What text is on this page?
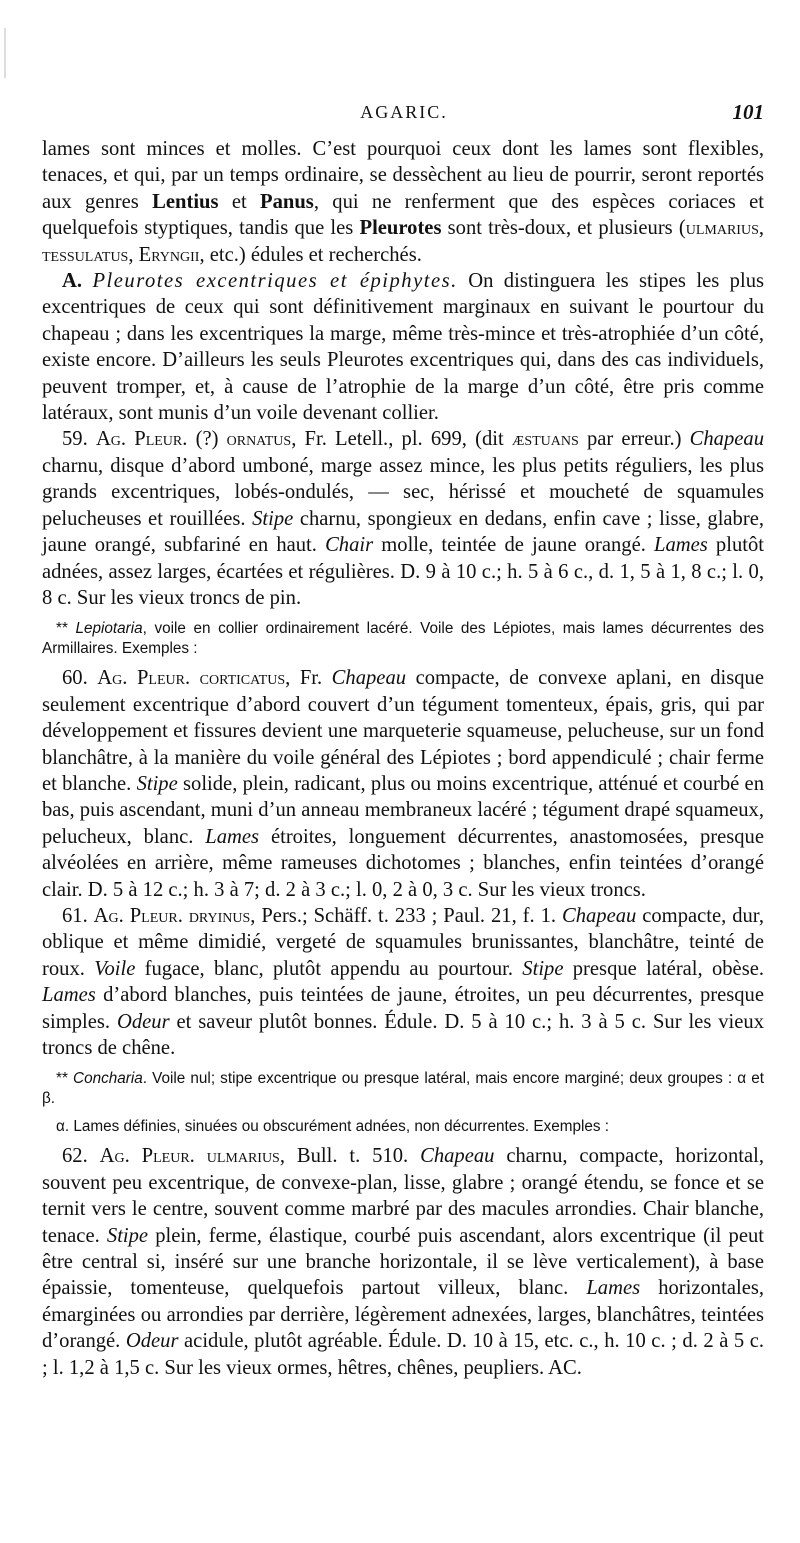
AGARIC.	101

lames sont minces et molles. C’est pourquoi ceux dont les lames sont flexibles, tenaces, et qui, par un temps ordinaire, se dessèchent au lieu de pourrir, seront reportés aux genres Lentius et Panus, qui ne renferment que des espèces coriaces et quelquefois styptiques, tandis que les Pleurotes sont très-doux, et plusieurs (ulmarius, tessulatus, Eryngii, etc.) édules et recherchés.

A. Pleurotes excentriques et épiphytes. On distinguera les stipes les plus excentriques de ceux qui sont définitivement marginaux en suivant le pourtour du chapeau ; dans les excentriques la marge, même très-mince et très-atrophiée d’un côté, existe encore. D’ailleurs les seuls Pleurotes excentriques qui, dans des cas individuels, peuvent tromper, et, à cause de l’atrophie de la marge d’un côté, être pris comme latéraux, sont munis d’un voile devenant collier.

59. Ag. Pleur. (?) ornatus, Fr. Letell., pl. 699, (dit æstuans par erreur.) Chapeau charnu, disque d’abord umboné, marge assez mince, les plus petits réguliers, les plus grands excentriques, lobés-ondulés, — sec, hérissé et moucheté de squamules pelucheuses et rouillées. Stipe charnu, spongieux en dedans, enfin cave ; lisse, glabre, jaune orangé, subfariné en haut. Chair molle, teintée de jaune orangé. Lames plutôt adnées, assez larges, écartées et régulières. D. 9 à 10 c.; h. 5 à 6 c., d. 1, 5 à 1, 8 c.; l. 0, 8 c. Sur les vieux troncs de pin.

** Lepiotaria, voile en collier ordinairement lacéré. Voile des Lépiotes, mais lames décurrentes des Armillaires. Exemples :

60. Ag. Pleur. corticatus, Fr. Chapeau compacte, de convexe aplani, en disque seulement excentrique d’abord couvert d’un tégument tomenteux, épais, gris, qui par développement et fissures devient une marqueterie squameuse, pelucheuse, sur un fond blanchâtre, à la manière du voile général des Lépiotes ; bord appendiculé ; chair ferme et blanche. Stipe solide, plein, radicant, plus ou moins excentrique, atténué et courbé en bas, puis ascendant, muni d’un anneau membraneux lacéré ; tégument drapé squameux, pelucheux, blanc. Lames étroites, longuement décurrentes, anastomosées, presque alvéolées en arrière, même rameuses dichotomes ; blanches, enfin teintées d’orangé clair. D. 5 à 12 c.; h. 3 à 7; d. 2 à 3 c.; l. 0, 2 à 0, 3 c. Sur les vieux troncs.

61. Ag. Pleur. dryinus, Pers.; Schäff. t. 233 ; Paul. 21, f. 1. Chapeau compacte, dur, oblique et même dimidié, vergeté de squamules brunissantes, blanchâtre, teinté de roux. Voile fugace, blanc, plutôt appendu au pourtour. Stipe presque latéral, obèse. Lames d’abord blanches, puis teintées de jaune, étroites, un peu décurrentes, presque simples. Odeur et saveur plutôt bonnes. Édule. D. 5 à 10 c.; h. 3 à 5 c. Sur les vieux troncs de chêne.

** Concharia. Voile nul; stipe excentrique ou presque latéral, mais encore marginé; deux groupes : α et β.

α. Lames définies, sinuées ou obscurément adnées, non décurrentes. Exemples :

62. Ag. Pleur. ulmarius, Bull. t. 510. Chapeau charnu, compacte, horizontal, souvent peu excentrique, de convexe-plan, lisse, glabre ; orangé étendu, se fonce et se ternit vers le centre, souvent comme marbré par des macules arrondies. Chair blanche, tenace. Stipe plein, ferme, élastique, courbé puis ascendant, alors excentrique (il peut être central si, inséré sur une branche horizontale, il se lève verticalement), à base épaissie, tomenteuse, quelquefois partout villeux, blanc. Lames horizontales, émarginées ou arrondies par derrière, légèrement adnexées, larges, blanchâtres, teintées d’orangé. Odeur acidule, plutôt agréable. Édule. D. 10 à 15, etc. c., h. 10 c. ; d. 2 à 5 c. ; l. 1,2 à 1,5 c. Sur les vieux ormes, hêtres, chênes, peupliers. AC.
